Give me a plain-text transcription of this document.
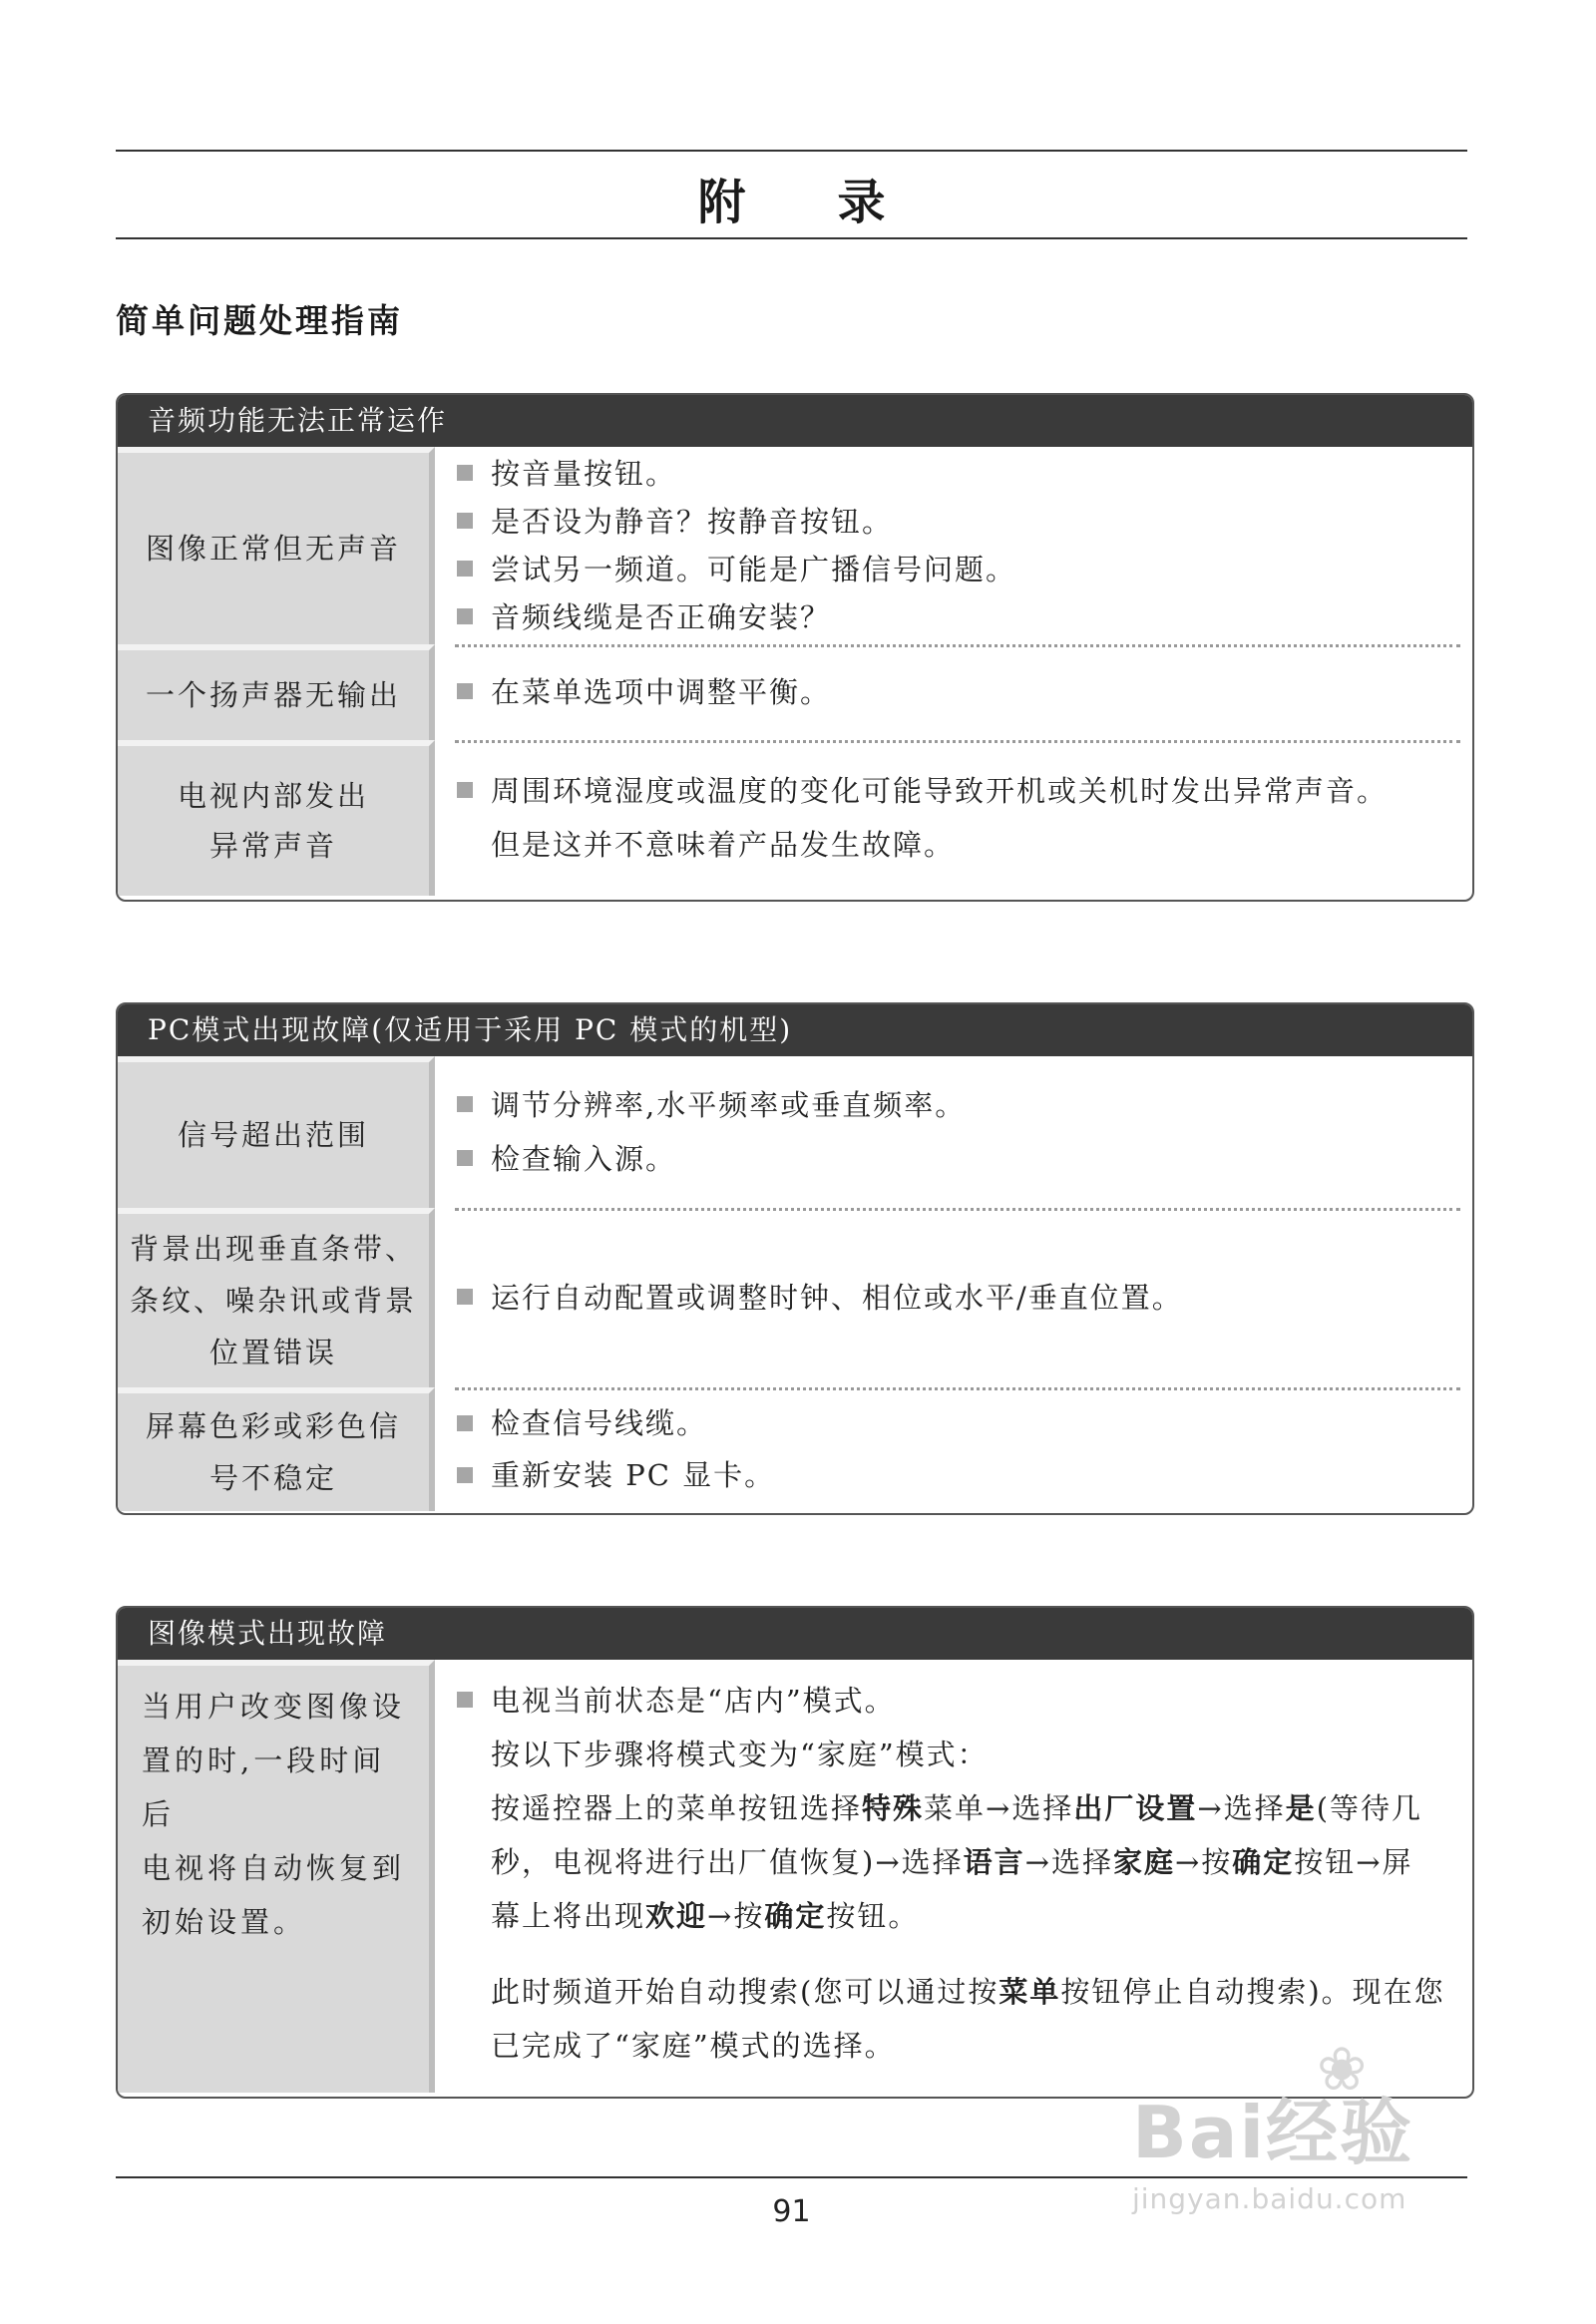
附录
简单问题处理指南
音频功能无法正常运作
图像正常但无声音
按音量按钮。
是否设为静音？按静音按钮。
尝试另一频道。可能是广播信号问题。
音频线缆是否正确安装？
一个扬声器无输出	在菜单选项中调整平衡。
电视内部发出
异常声音
周围环境湿度或温度的变化可能导致开机或关机时发出异常声音。
但是这并不意味着产品发生故障。
PC模式出现故障(仅适用于采用 PC 模式的机型)
信号超出范围
调节分辨率,水平频率或垂直频率。
检查输入源。
背景出现垂直条带、
条纹、噪杂讯或背景
位置错误
运行自动配置或调整时钟、相位或水平/垂直位置。
屏幕色彩或彩色信
号不稳定
检查信号线缆。
重新安装 PC 显卡。
图像模式出现故障
当用户改变图像设
置的时,一段时间后
电视将自动恢复到
初始设置。
电视当前状态是“店内”模式。
按以下步骤将模式变为“家庭”模式：
按遥控器上的菜单按钮选择特殊菜单→选择出厂设置→选择是(等待几
秒，电视将进行出厂值恢复)→选择语言→选择家庭→按确定按钮→屏
幕上将出现欢迎→按确定按钮。
此时频道开始自动搜索(您可以通过按菜单按钮停止自动搜索)。现在您
已完成了“家庭”模式的选择。
91
❀
Bai经验
jingyan.baidu.com
